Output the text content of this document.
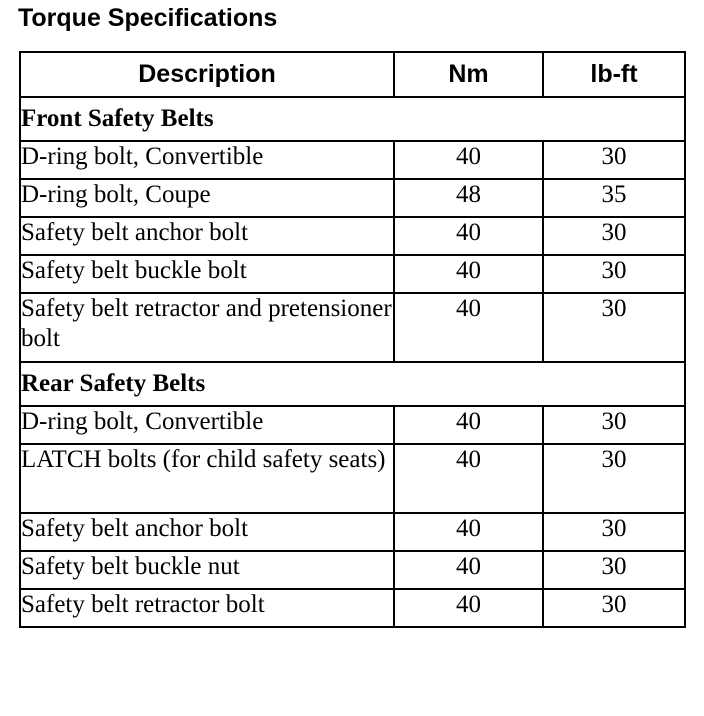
Torque Specifications
Description	Nm	lb-ft
Front Safety Belts		
D-ring bolt, Convertible	40	30
D-ring bolt, Coupe	48	35
Safety belt anchor bolt	40	30
Safety belt buckle bolt	40	30
Safety belt retractor and pretensioner bolt	40	30
Rear Safety Belts		
D-ring bolt, Convertible	40	30
LATCH bolts (for child safety seats)	40	30
Safety belt anchor bolt	40	30
Safety belt buckle nut	40	30
Safety belt retractor bolt	40	30
